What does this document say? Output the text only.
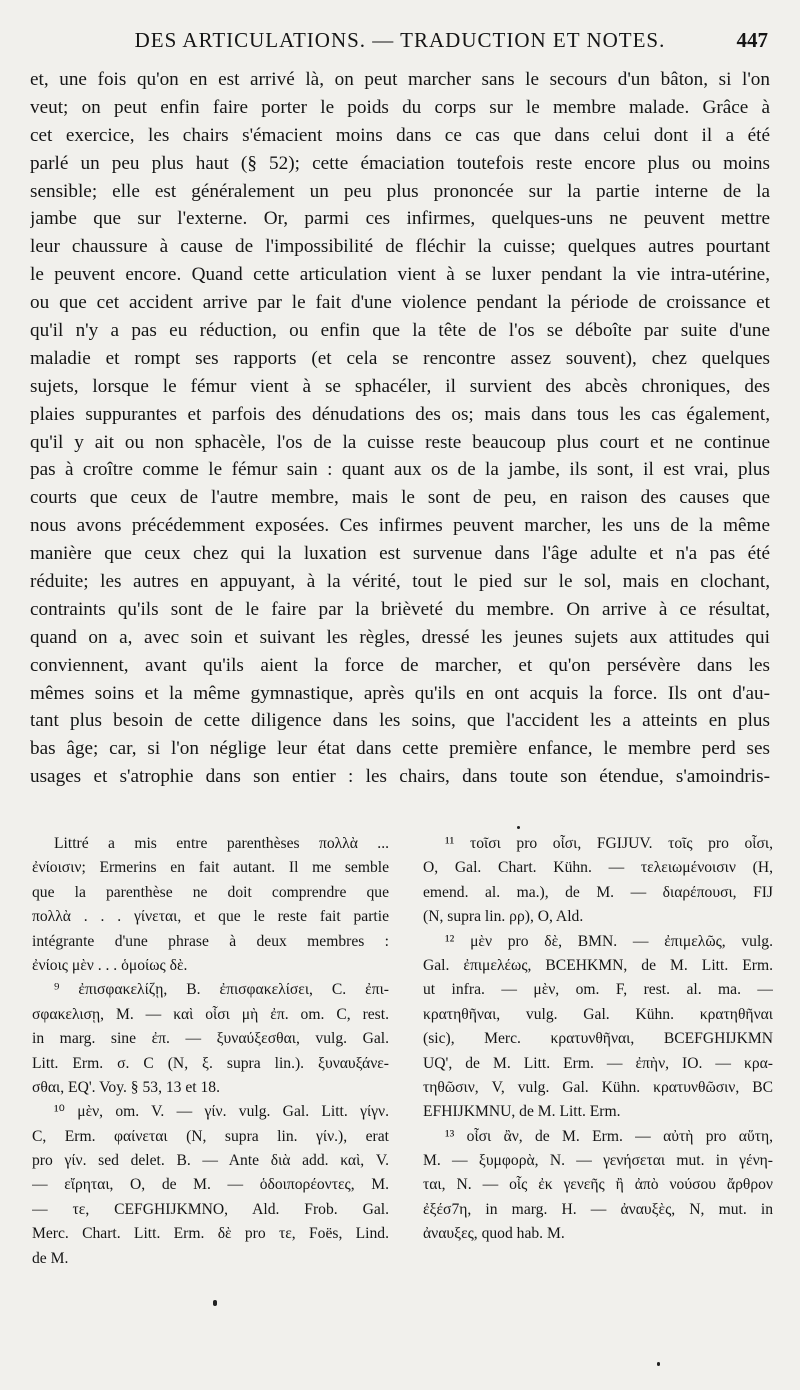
DES ARTICULATIONS. — TRADUCTION ET NOTES.	447
et, une fois qu'on en est arrivé là, on peut marcher sans le secours d'un bâton, si l'on
veut; on peut enfin faire porter le poids du corps sur le membre malade. Grâce à
cet exercice, les chairs s'émacient moins dans ce cas que dans celui dont il a été
parlé un peu plus haut (§ 52); cette émaciation toutefois reste encore plus ou moins
sensible; elle est généralement un peu plus prononcée sur la partie interne de la
jambe que sur l'externe. Or, parmi ces infirmes, quelques-uns ne peuvent mettre
leur chaussure à cause de l'impossibilité de fléchir la cuisse; quelques autres pourtant
le peuvent encore. Quand cette articulation vient à se luxer pendant la vie intra-utérine,
ou que cet accident arrive par le fait d'une violence pendant la période de croissance et
qu'il n'y a pas eu réduction, ou enfin que la tête de l'os se déboîte par suite d'une
maladie et rompt ses rapports (et cela se rencontre assez souvent), chez quelques
sujets, lorsque le fémur vient à se sphacéler, il survient des abcès chroniques, des
plaies suppurantes et parfois des dénudations des os; mais dans tous les cas également,
qu'il y ait ou non sphacèle, l'os de la cuisse reste beaucoup plus court et ne continue
pas à croître comme le fémur sain : quant aux os de la jambe, ils sont, il est vrai, plus
courts que ceux de l'autre membre, mais le sont de peu, en raison des causes que
nous avons précédemment exposées. Ces infirmes peuvent marcher, les uns de la même
manière que ceux chez qui la luxation est survenue dans l'âge adulte et n'a pas été
réduite; les autres en appuyant, à la vérité, tout le pied sur le sol, mais en clochant,
contraints qu'ils sont de le faire par la brièveté du membre. On arrive à ce résultat,
quand on a, avec soin et suivant les règles, dressé les jeunes sujets aux attitudes qui
conviennent, avant qu'ils aient la force de marcher, et qu'on persévère dans les
mêmes soins et la même gymnastique, après qu'ils en ont acquis la force. Ils ont d'au-
tant plus besoin de cette diligence dans les soins, que l'accident les a atteints en plus
bas âge; car, si l'on néglige leur état dans cette première enfance, le membre perd ses
usages et s'atrophie dans son entier : les chairs, dans toute son étendue, s'amoindris-
Littré a mis entre parenthèses πολλὰ ...
ἐνίοισιν; Ermerins en fait autant. Il me semble
que la parenthèse ne doit comprendre que
πολλὰ . . . γίνεται, et que le reste fait partie
intégrante d'une phrase à deux membres :
ἐνίοις μὲν . . . ὁμοίως δὲ.
⁹ ἐπισφακελίζῃ, B. ἐπισφακελίσει, C. ἐπι-
σφακελισῃ, M. — καὶ οἷσι μὴ ἐπ. om. C, rest.
in marg. sine ἐπ. — ξυναύξεσθαι, vulg. Gal.
Litt. Erm. σ. C (N, ξ. supra lin.). ξυναυξάνε-
σθαι, EQ'. Voy. § 53, 13 et 18.
¹⁰ μὲν, om. V. — γίν. vulg. Gal. Litt. γίγν.
C, Erm. φαίνεται (N, supra lin. γίν.), erat
pro γίν. sed delet. B. — Ante διὰ add. καὶ, V.
— εἴρηται, O, de M. — ὁδοιπορέοντες, M.
— τε, CEFGHIJKMNO, Ald. Frob. Gal.
Merc. Chart. Litt. Erm. δὲ pro τε, Foës, Lind.
de M.
¹¹ τοῖσι pro οἷσι, FGIJUV. τοῖς pro οἷσι,
O, Gal. Chart. Kühn. — τελειωμένοισιν (H,
emend. al. ma.), de M. — διαρέπουσι, FIJ
(N, supra lin. ρρ), O, Ald.
¹² μὲν pro δὲ, BMN. — ἐπιμελῶς, vulg.
Gal. ἐπιμελέως, BCEHKMN, de M. Litt. Erm.
ut infra. — μὲν, om. F, rest. al. ma. —
κρατηθῆναι, vulg. Gal. Kühn. κρατηθῆναι
(sic), Merc. κρατυνθῆναι, BCEFGHIJKMN
UQ', de M. Litt. Erm. — ἐπὴν, IO. — κρα-
τηθῶσιν, V, vulg. Gal. Kühn. κρατυνθῶσιν, BC
EFHIJKMNU, de M. Litt. Erm.
¹³ οἷσι ἂν, de M. Erm. — αὐτὴ pro αὕτη,
M. — ξυμφορὰ, N. — γενήσεται mut. in γένη-
ται, N. — οἷς ἐκ γενεῆς ἢ ἀπὸ νούσου ἄρθρον
ἐξέσ7η, in marg. H. — ἀναυξὲς, N, mut. in
ἀναυξες, quod hab. M.
